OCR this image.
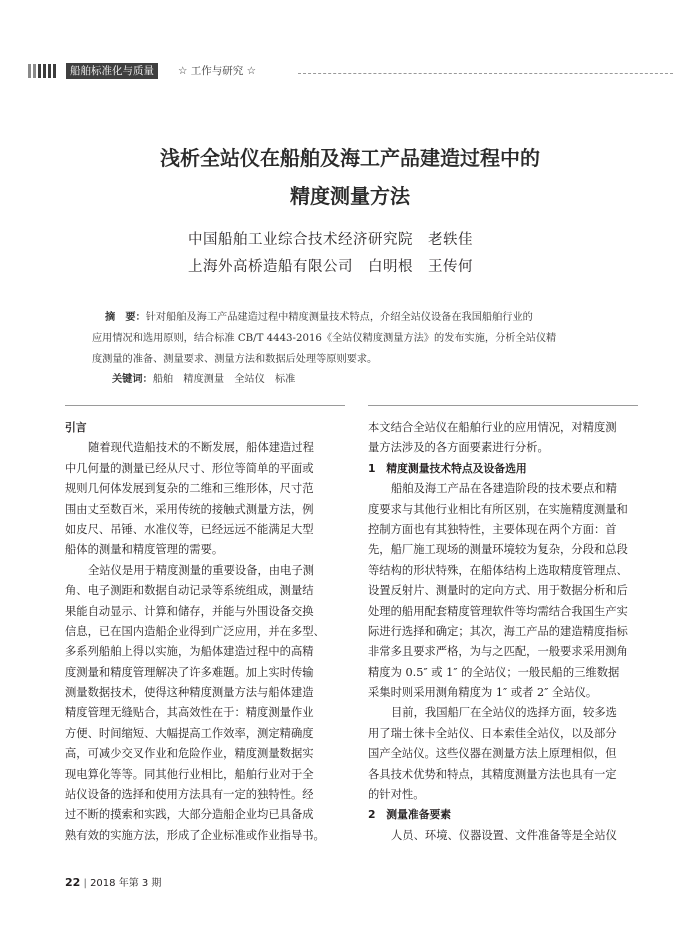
船舶标准化与质量	☆ 工作与研究 ☆
浅析全站仪在船舶及海工产品建造过程中的
精度测量方法
中国船舶工业综合技术经济研究院　老轶佳
上海外高桥造船有限公司　白明根　王传何
摘　要：针对船舶及海工产品建造过程中精度测量技术特点，介绍全站仪设备在我国船舶行业的
应用情况和选用原则，结合标准 CB/T 4443-2016《全站仪精度测量方法》的发布实施，分析全站仪精
度测量的准备、测量要求、测量方法和数据后处理等原则要求。
关键词：船舶　精度测量　全站仪　标准
引言
随着现代造船技术的不断发展，船体建造过程
中几何量的测量已经从尺寸、形位等简单的平面或
规则几何体发展到复杂的二维和三维形体，尺寸范
围由丈至数百米，采用传统的接触式测量方法，例
如皮尺、吊锤、水准仪等，已经远远不能满足大型
船体的测量和精度管理的需要。
全站仪是用于精度测量的重要设备，由电子测
角、电子测距和数据自动记录等系统组成，测量结
果能自动显示、计算和储存，并能与外围设备交换
信息，已在国内造船企业得到广泛应用，并在多型、
多系列船舶上得以实施，为船体建造过程中的高精
度测量和精度管理解决了许多难题。加上实时传输
测量数据技术，使得这种精度测量方法与船体建造
精度管理无缝贴合，其高效性在于：精度测量作业
方便、时间缩短、大幅提高工作效率，测定精确度
高，可减少交叉作业和危险作业，精度测量数据实
现电算化等等。同其他行业相比，船舶行业对于全
站仪设备的选择和使用方法具有一定的独特性。经
过不断的摸索和实践，大部分造船企业均已具备成
熟有效的实施方法，形成了企业标准或作业指导书。
本文结合全站仪在船舶行业的应用情况，对精度测
量方法涉及的各方面要素进行分析。
1　精度测量技术特点及设备选用
船舶及海工产品在各建造阶段的技术要点和精
度要求与其他行业相比有所区别，在实施精度测量和
控制方面也有其独特性，主要体现在两个方面：首
先，船厂施工现场的测量环境较为复杂，分段和总段
等结构的形状特殊，在船体结构上选取精度管理点、
设置反射片、测量时的定向方式、用于数据分析和后
处理的船用配套精度管理软件等均需结合我国生产实
际进行选择和确定；其次，海工产品的建造精度指标
非常多且要求严格，为与之匹配，一般要求采用测角
精度为 0.5″ 或 1″ 的全站仪；一般民船的三维数据
采集时则采用测角精度为 1″ 或者 2″ 全站仪。
目前，我国船厂在全站仪的选择方面，较多选
用了瑞士徕卡全站仪、日本索佳全站仪，以及部分
国产全站仪。这些仪器在测量方法上原理相似，但
各具技术优势和特点，其精度测量方法也具有一定
的针对性。
2　测量准备要素
人员、环境、仪器设置、文件准备等是全站仪
22 | 2018 年第 3 期
